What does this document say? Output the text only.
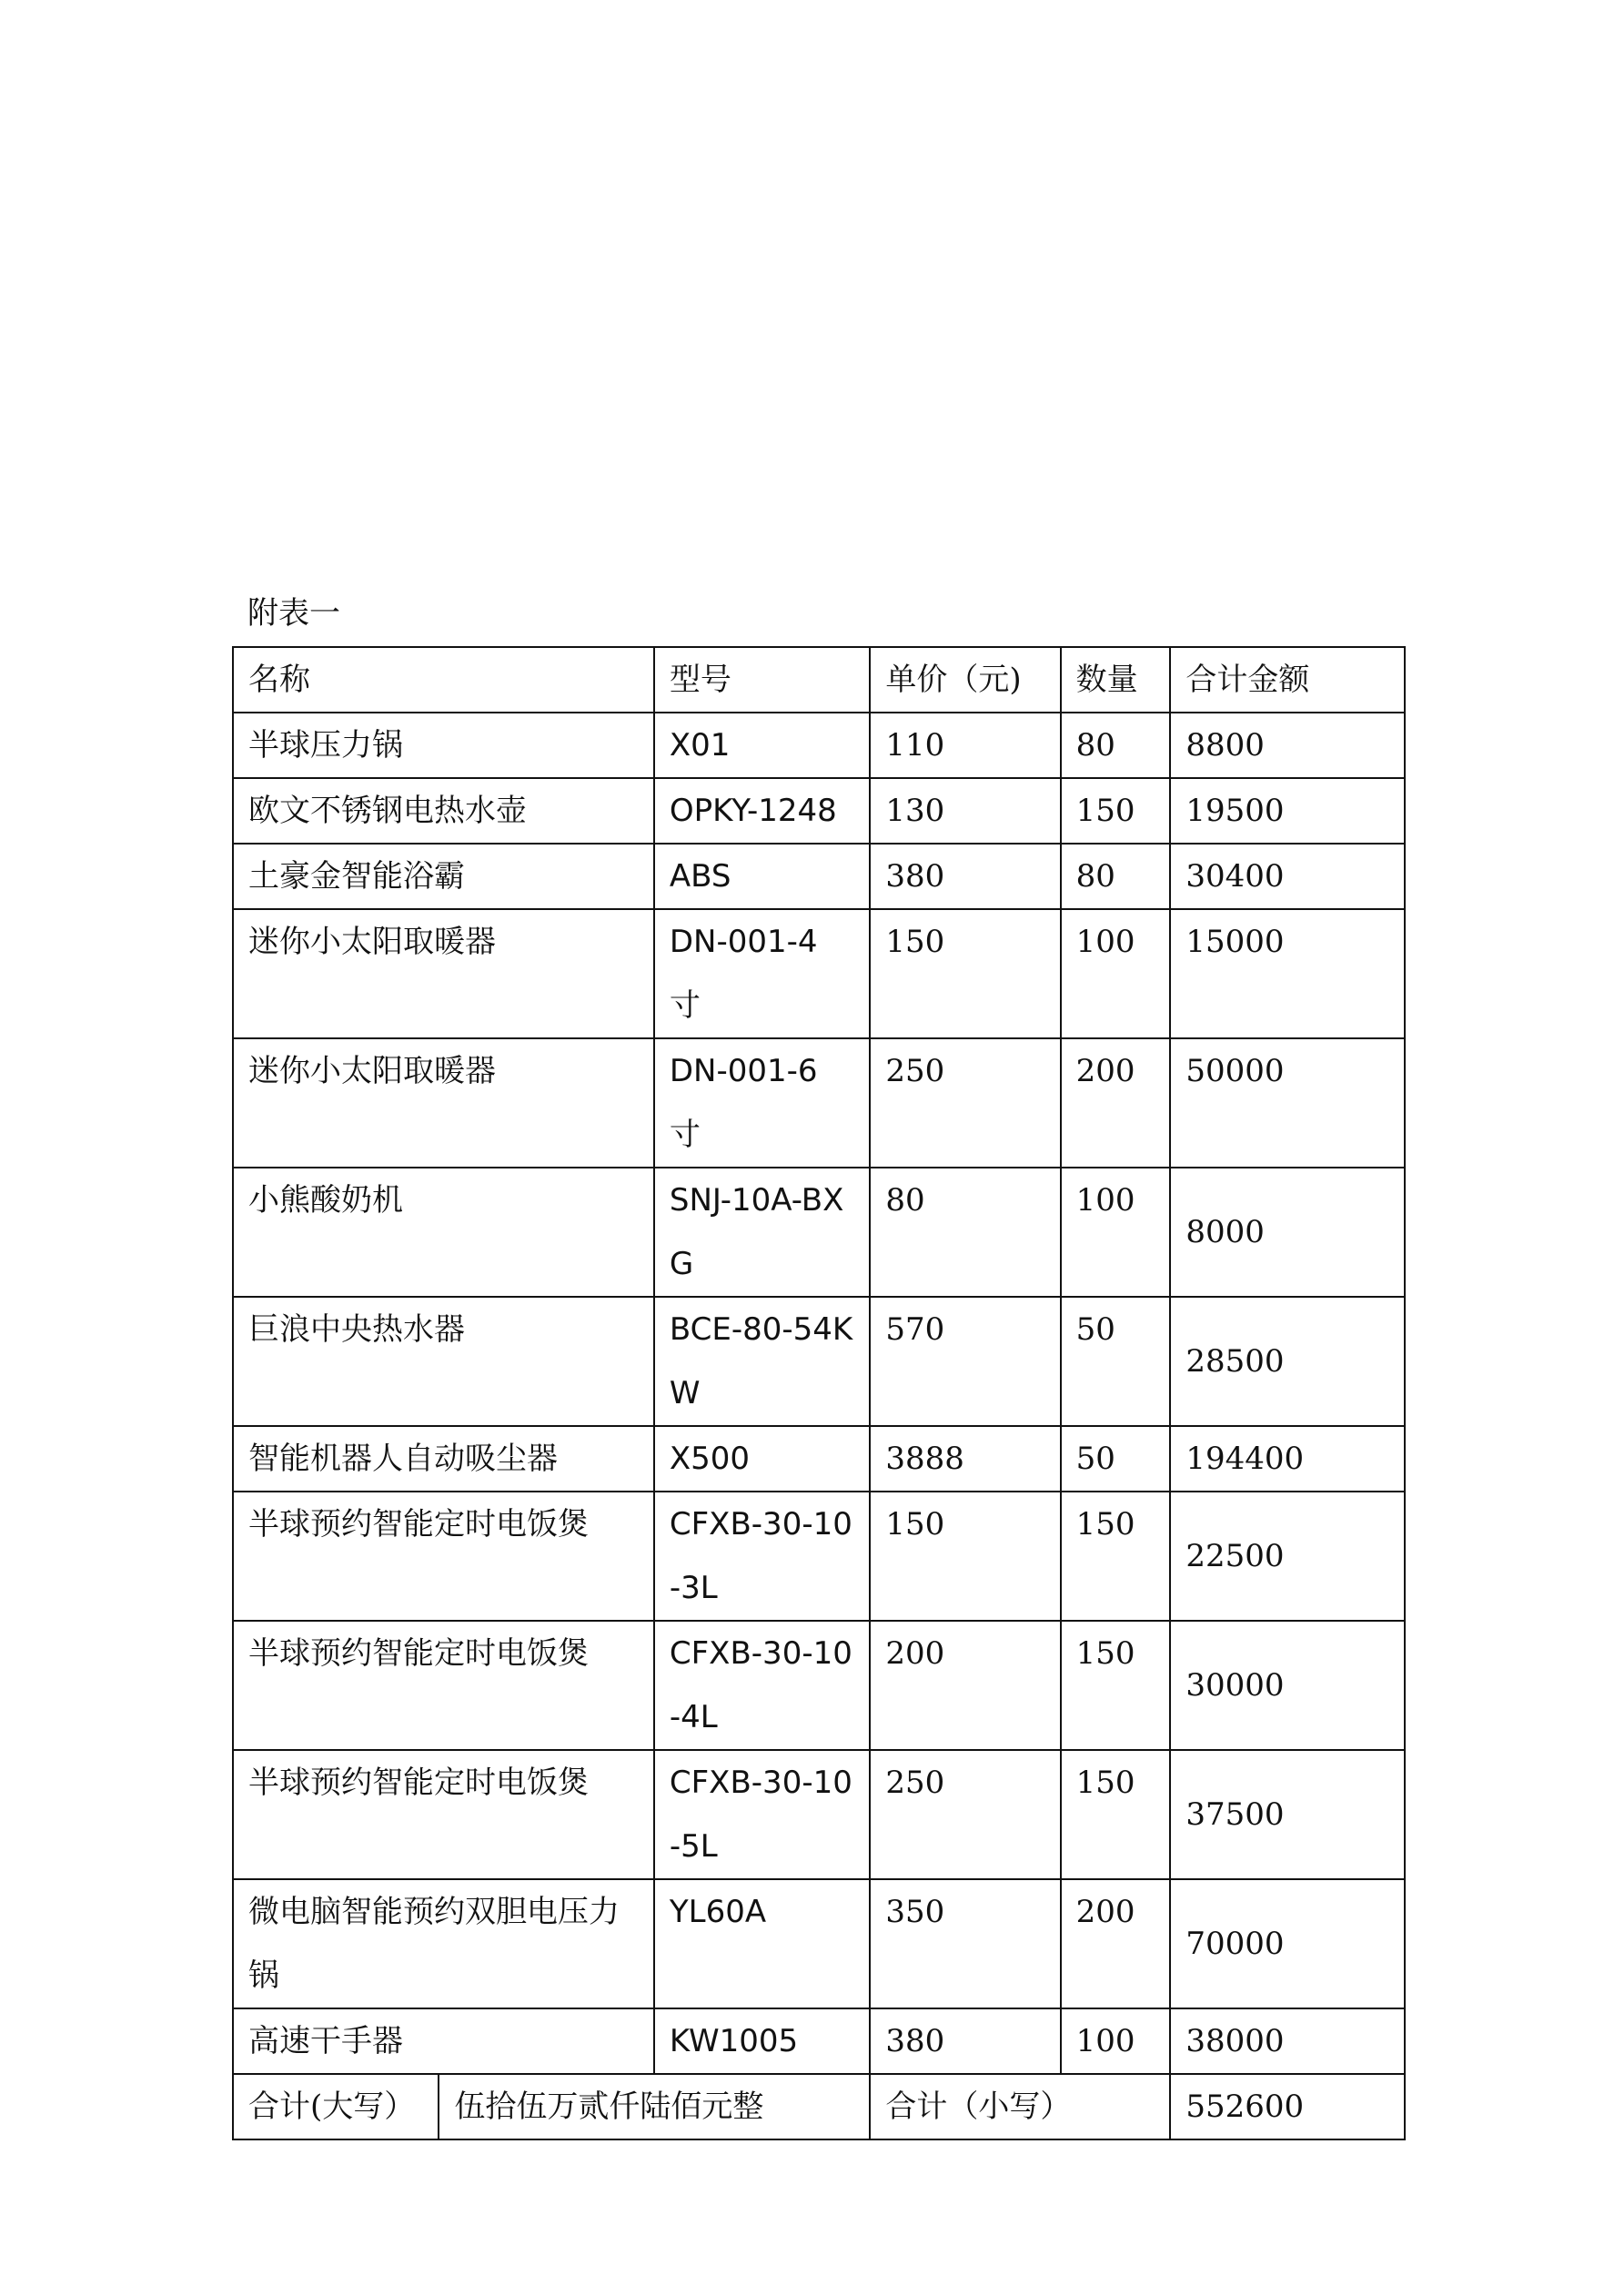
附表一
名称		型号	单价（元)	数量	合计金额

半球压力锅		X01	110	80	8800

欧文不锈钢电热水壶		OPKY-1248	130	150	19500

土豪金智能浴霸		ABS	380	80	30400

迷你小太阳取暖器		DN-001-4 寸	150	100	15000

迷你小太阳取暖器		DN-001-6 寸	250	200	50000

小熊酸奶机		SNJ-10A-BXG	80	100	8000

巨浪中央热水器		BCE-80-54KW	570	50	28500

智能机器人自动吸尘器		X500	3888	50	194400

半球预约智能定时电饭煲		CFXB-30-10-3L	150	150	22500

半球预约智能定时电饭煲		CFXB-30-10-4L	200	150	30000

半球预约智能定时电饭煲		CFXB-30-10-5L	250	150	37500

微电脑智能预约双胆电压力锅		YL60A	350	200	70000

高速干手器		KW1005	380	100	38000

合计(大写）	伍拾伍万贰仟陆佰元整		合计（小写）		552600
